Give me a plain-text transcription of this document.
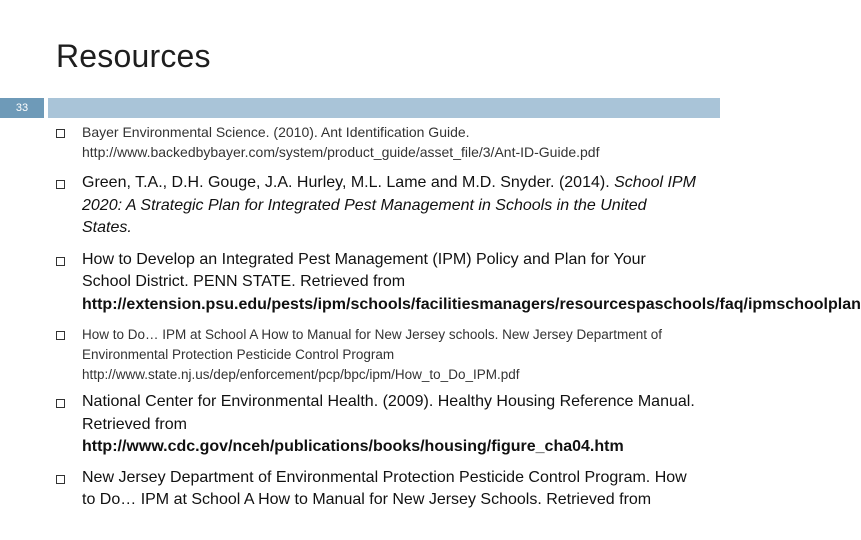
Resources
33
Bayer Environmental Science. (2010). Ant Identification Guide. http://www.backedbybayer.com/system/product_guide/asset_file/3/Ant-ID-Guide.pdf
Green, T.A., D.H. Gouge, J.A. Hurley, M.L. Lame and M.D. Snyder. (2014). School IPM 2020: A Strategic Plan for Integrated Pest Management in Schools in the United States.
How to Develop an Integrated Pest Management (IPM) Policy and Plan for Your School District. PENN STATE. Retrieved from http://extension.psu.edu/pests/ipm/schools/facilitiesmanagers/resourcespaschools/faq/ipmschoolplan
How to Do… IPM at School A How to Manual for New Jersey schools. New Jersey Department of Environmental Protection Pesticide Control Program http://www.state.nj.us/dep/enforcement/pcp/bpc/ipm/How_to_Do_IPM.pdf
National Center for Environmental Health. (2009). Healthy Housing Reference Manual. Retrieved from http://www.cdc.gov/nceh/publications/books/housing/figure_cha04.htm
New Jersey Department of Environmental Protection Pesticide Control Program. How to Do… IPM at School A How to Manual for New Jersey Schools. Retrieved from
